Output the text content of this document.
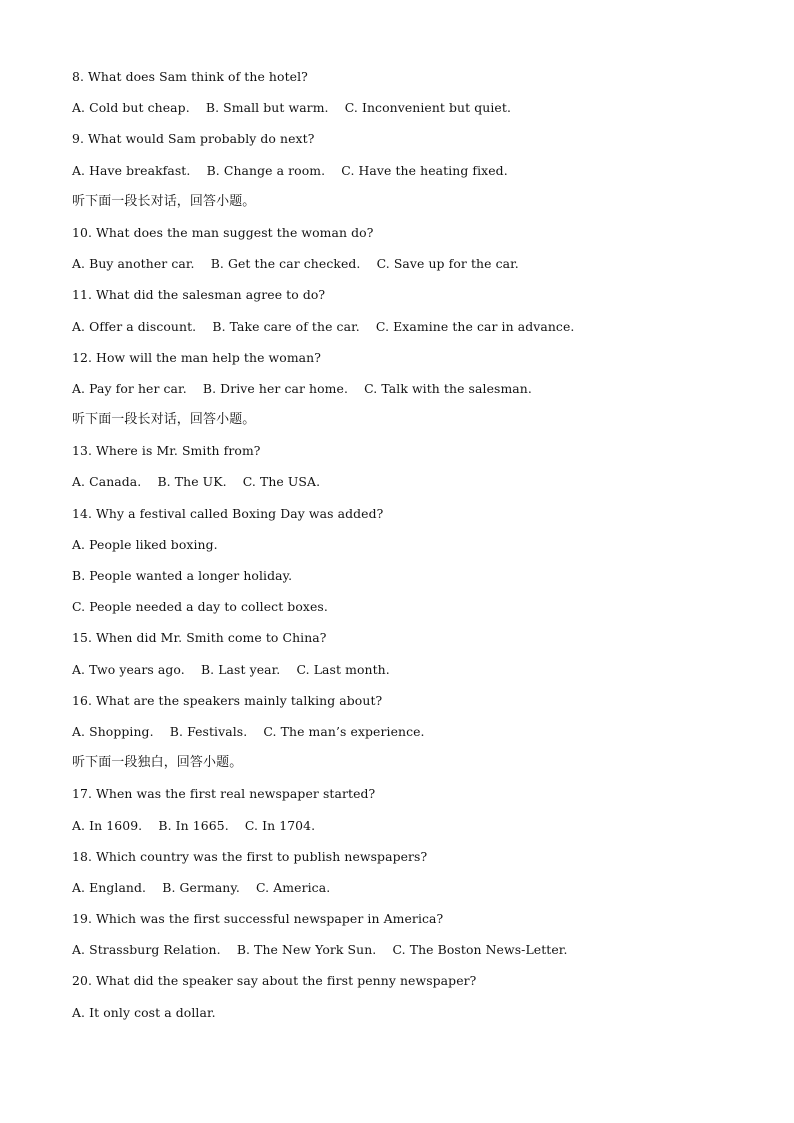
8. What does Sam think of the hotel?
A. Cold but cheap.    B. Small but warm.    C. Inconvenient but quiet.
9. What would Sam probably do next?
A. Have breakfast.    B. Change a room.    C. Have the heating fixed.
听下面一段长对话，回答小题。
10. What does the man suggest the woman do?
A. Buy another car.    B. Get the car checked.    C. Save up for the car.
11. What did the salesman agree to do?
A. Offer a discount.    B. Take care of the car.    C. Examine the car in advance.
12. How will the man help the woman?
A. Pay for her car.    B. Drive her car home.    C. Talk with the salesman.
听下面一段长对话，回答小题。
13. Where is Mr. Smith from?
A. Canada.    B. The UK.    C. The USA.
14. Why a festival called Boxing Day was added?
A. People liked boxing.
B. People wanted a longer holiday.
C. People needed a day to collect boxes.
15. When did Mr. Smith come to China?
A. Two years ago.    B. Last year.    C. Last month.
16. What are the speakers mainly talking about?
A. Shopping.    B. Festivals.    C. The man’s experience.
听下面一段独白，回答小题。
17. When was the first real newspaper started?
A. In 1609.    B. In 1665.    C. In 1704.
18. Which country was the first to publish newspapers?
A. England.    B. Germany.    C. America.
19. Which was the first successful newspaper in America?
A. Strassburg Relation.    B. The New York Sun.    C. The Boston News-Letter.
20. What did the speaker say about the first penny newspaper?
A. It only cost a dollar.
